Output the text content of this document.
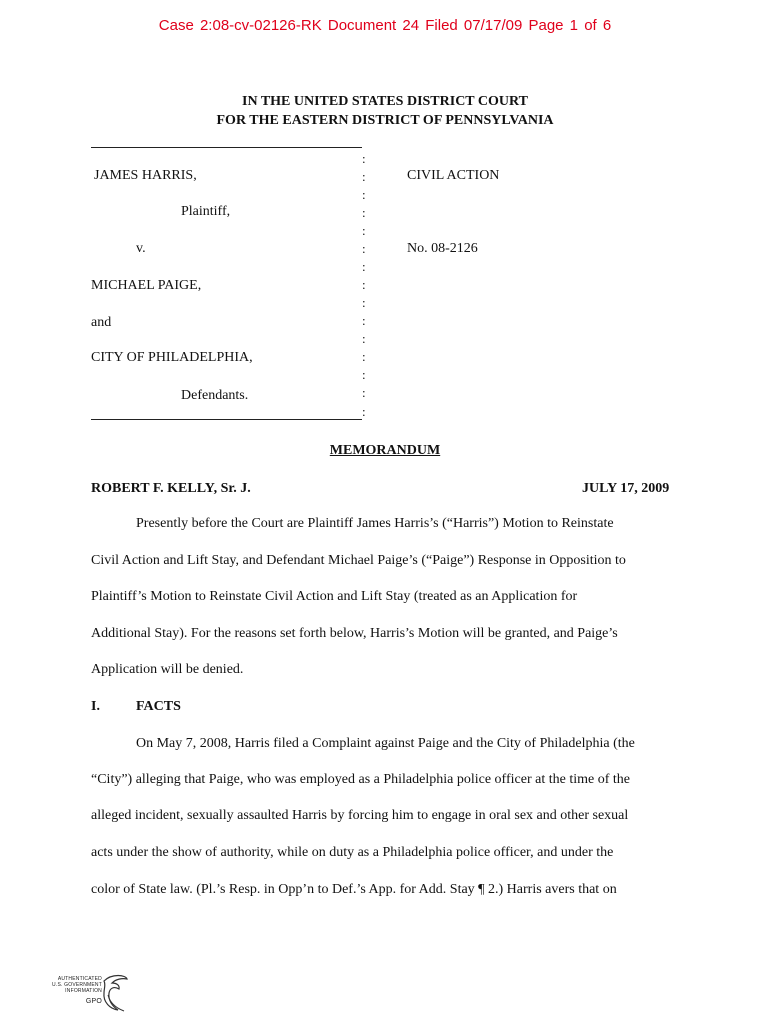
Case 2:08-cv-02126-RK Document 24 Filed 07/17/09 Page 1 of 6
IN THE UNITED STATES DISTRICT COURT
FOR THE EASTERN DISTRICT OF PENNSYLVANIA
:
:
:
:
:
:
:
:
:
:
:
:
:
:
:
JAMES HARRIS,
Plaintiff,
v.
MICHAEL PAIGE,
and
CITY OF PHILADELPHIA,
Defendants.
CIVIL ACTION
No. 08-2126
MEMORANDUM
ROBERT F. KELLY, Sr. J.	JULY 17, 2009
Presently before the Court are Plaintiff James Harris’s (“Harris”) Motion to Reinstate
Civil Action and Lift Stay, and Defendant Michael Paige’s (“Paige”) Response in Opposition to
Plaintiff’s Motion to Reinstate Civil Action and Lift Stay (treated as an Application for
Additional Stay). For the reasons set forth below, Harris’s Motion will be granted, and Paige’s
Application will be denied.
I.	FACTS
On May 7, 2008, Harris filed a Complaint against Paige and the City of Philadelphia (the
“City”) alleging that Paige, who was employed as a Philadelphia police officer at the time of the
alleged incident, sexually assaulted Harris by forcing him to engage in oral sex and other sexual
acts under the show of authority, while on duty as a Philadelphia police officer, and under the
color of State law. (Pl.’s Resp. in Opp’n to Def.’s App. for Add. Stay ¶ 2.) Harris avers that on
AUTHENTICATED
U.S. GOVERNMENT
INFORMATION
GPO
